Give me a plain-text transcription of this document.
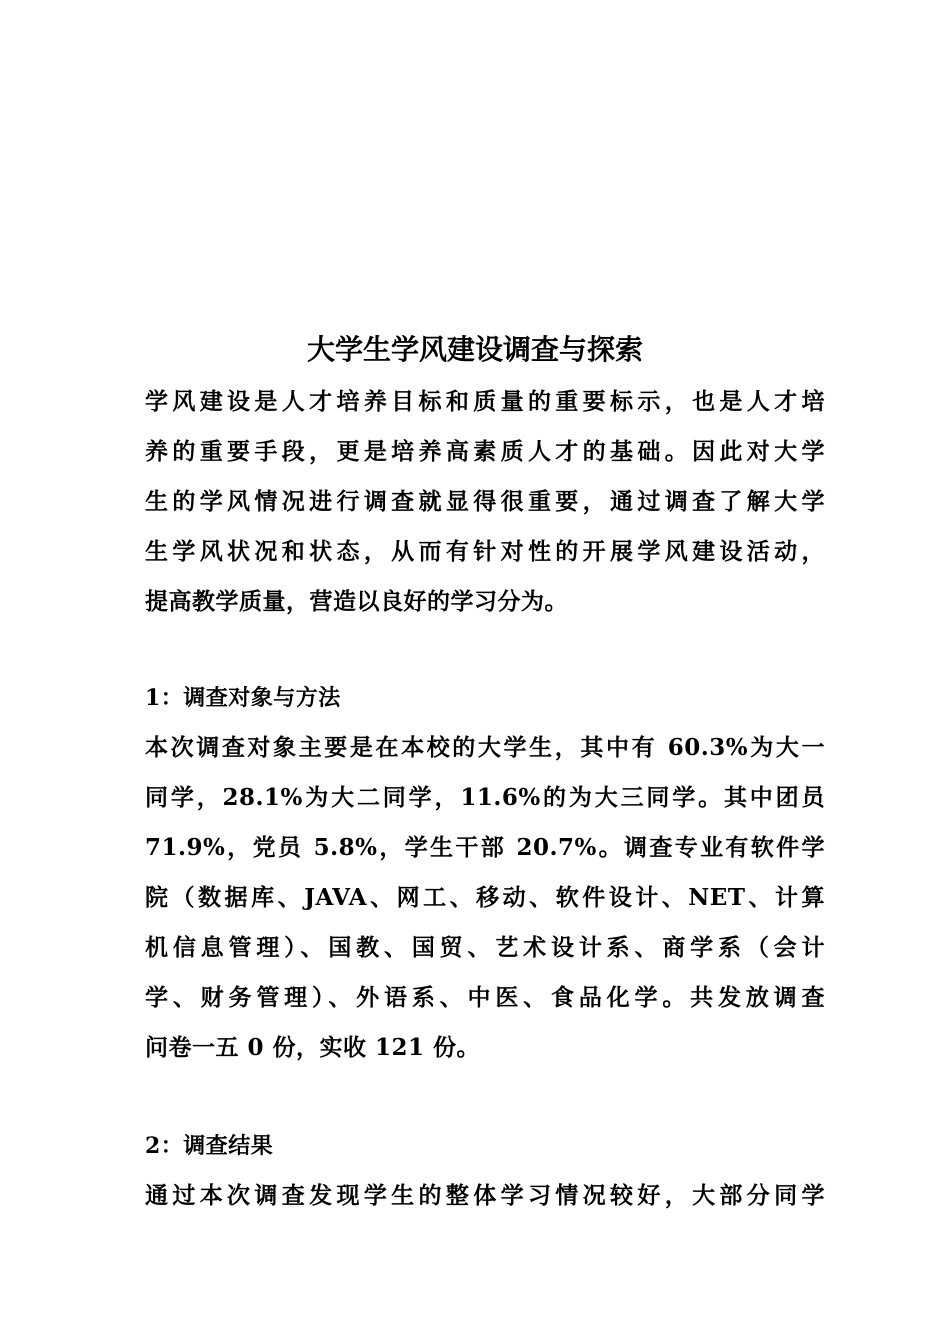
大学生学风建设调查与探索
学风建设是人才培养目标和质量的重要标示，也是人才培
养的重要手段，更是培养高素质人才的基础。因此对大学
生的学风情况进行调查就显得很重要，通过调查了解大学
生学风状况和状态，从而有针对性的开展学风建设活动，
提高教学质量，营造以良好的学习分为。
1：调查对象与方法
本次调查对象主要是在本校的大学生，其中有 60.3%为大一
同学，28.1%为大二同学，11.6%的为大三同学。其中团员
71.9%，党员 5.8%，学生干部 20.7%。调查专业有软件学
院（数据库、JAVA、网工、移动、软件设计、NET、计算
机信息管理）、国教、国贸、艺术设计系、商学系（会计
学、财务管理）、外语系、中医、食品化学。共发放调查
问卷一五 0 份，实收 121 份。
2：调查结果
通过本次调查发现学生的整体学习情况较好，大部分同学
